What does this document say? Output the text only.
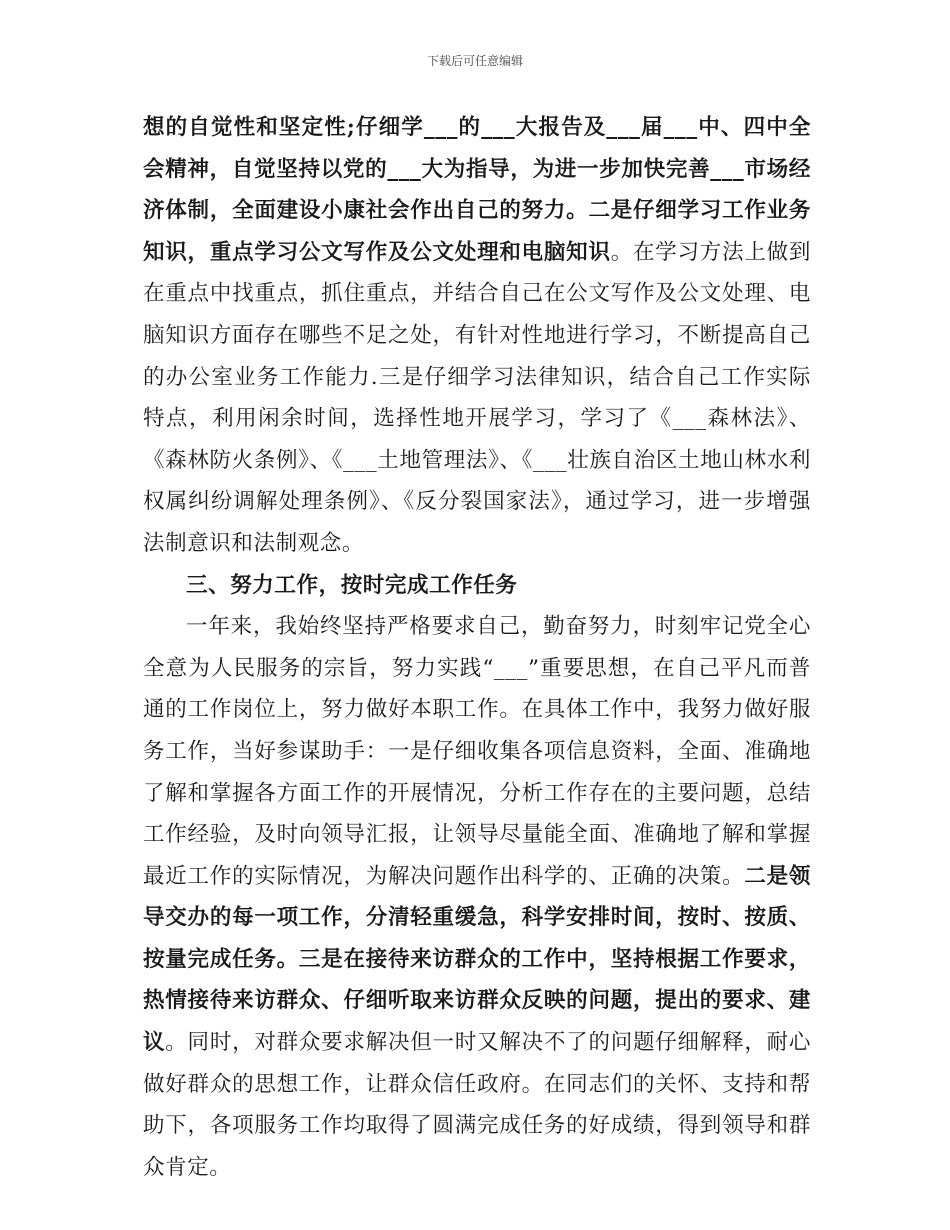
下载后可任意编辑

想的自觉性和坚定性;仔细学___的___大报告及___届___中、四中全会精神，自觉坚持以党的___大为指导，为进一步加快完善___市场经济体制，全面建设小康社会作出自己的努力。二是仔细学习工作业务知识，重点学习公文写作及公文处理和电脑知识。在学习方法上做到在重点中找重点，抓住重点，并结合自己在公文写作及公文处理、电脑知识方面存在哪些不足之处，有针对性地进行学习，不断提高自己的办公室业务工作能力.三是仔细学习法律知识，结合自己工作实际特点，利用闲余时间，选择性地开展学习，学习了《___森林法》、《森林防火条例》、《___土地管理法》、《___壮族自治区土地山林水利权属纠纷调解处理条例》、《反分裂国家法》，通过学习，进一步增强法制意识和法制观念。

三、努力工作，按时完成工作任务

一年来，我始终坚持严格要求自己，勤奋努力，时刻牢记党全心全意为人民服务的宗旨，努力实践“___”重要思想，在自己平凡而普通的工作岗位上，努力做好本职工作。在具体工作中，我努力做好服务工作，当好参谋助手：一是仔细收集各项信息资料，全面、准确地了解和掌握各方面工作的开展情况，分析工作存在的主要问题，总结工作经验，及时向领导汇报，让领导尽量能全面、准确地了解和掌握最近工作的实际情况，为解决问题作出科学的、正确的决策。二是领导交办的每一项工作，分清轻重缓急，科学安排时间，按时、按质、按量完成任务。三是在接待来访群众的工作中，坚持根据工作要求，热情接待来访群众、仔细听取来访群众反映的问题，提出的要求、建议。同时，对群众要求解决但一时又解决不了的问题仔细解释，耐心做好群众的思想工作，让群众信任政府。在同志们的关怀、支持和帮助下，各项服务工作均取得了圆满完成任务的好成绩，得到领导和群众肯定。
